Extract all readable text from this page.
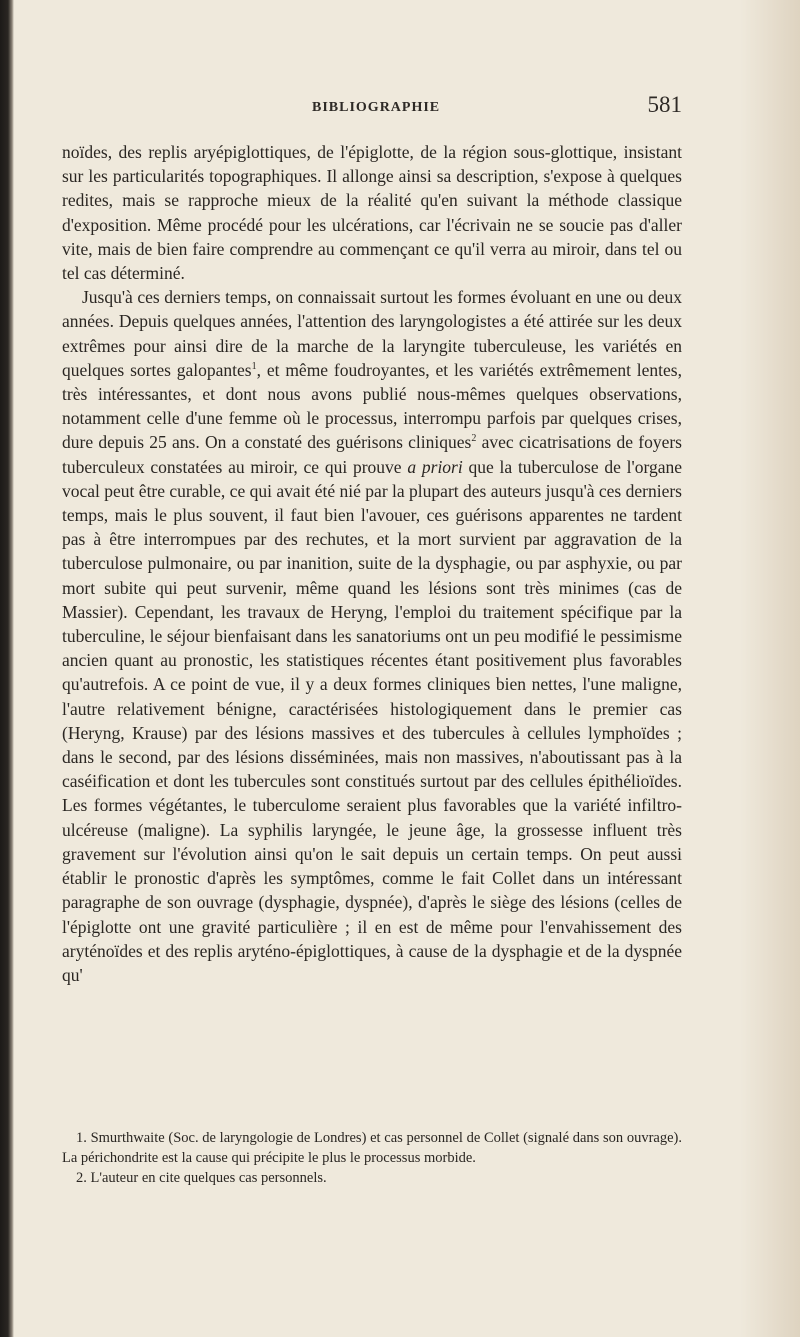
BIBLIOGRAPHIE	581

noïdes, des replis aryépiglottiques, de l'épiglotte, de la région sous-glottique, insistant sur les particularités topographiques. Il allonge ainsi sa description, s'expose à quelques redites, mais se rapproche mieux de la réalité qu'en suivant la méthode classique d'exposition. Même procédé pour les ulcérations, car l'écrivain ne se soucie pas d'aller vite, mais de bien faire comprendre au commençant ce qu'il verra au miroir, dans tel ou tel cas déterminé.

Jusqu'à ces derniers temps, on connaissait surtout les formes évoluant en une ou deux années. Depuis quelques années, l'attention des laryngologistes a été attirée sur les deux extrêmes pour ainsi dire de la marche de la laryngite tuberculeuse, les variétés en quelques sortes galopantes$^1$, et même foudroyantes, et les variétés extrêmement lentes, très intéressantes, et dont nous avons publié nous-mêmes quelques observations, notamment celle d'une femme où le processus, interrompu parfois par quelques crises, dure depuis 25 ans. On a constaté des guérisons cliniques$^2$ avec cicatrisations de foyers tuberculeux constatées au miroir, ce qui prouve a priori que la tuberculose de l'organe vocal peut être curable, ce qui avait été nié par la plupart des auteurs jusqu'à ces derniers temps, mais le plus souvent, il faut bien l'avouer, ces guérisons apparentes ne tardent pas à être interrompues par des rechutes, et la mort survient par aggravation de la tuberculose pulmonaire, ou par inanition, suite de la dysphagie, ou par asphyxie, ou par mort subite qui peut survenir, même quand les lésions sont très minimes (cas de Massier). Cependant, les travaux de Heryng, l'emploi du traitement spécifique par la tuberculine, le séjour bienfaisant dans les sanatoriums ont un peu modifié le pessimisme ancien quant au pronostic, les statistiques récentes étant positivement plus favorables qu'autrefois. A ce point de vue, il y a deux formes cliniques bien nettes, l'une maligne, l'autre relativement bénigne, caractérisées histologiquement dans le premier cas (Heryng, Krause) par des lésions massives et des tubercules à cellules lymphoïdes ; dans le second, par des lésions disséminées, mais non massives, n'aboutissant pas à la caséification et dont les tubercules sont constitués surtout par des cellules épithélioïdes. Les formes végétantes, le tuberculome seraient plus favorables que la variété infiltro-ulcéreuse (maligne). La syphilis laryngée, le jeune âge, la grossesse influent très gravement sur l'évolution ainsi qu'on le sait depuis un certain temps. On peut aussi établir le pronostic d'après les symptômes, comme le fait Collet dans un intéressant paragraphe de son ouvrage (dysphagie, dyspnée), d'après le siège des lésions (celles de l'épiglotte ont une gravité particulière ; il en est de même pour l'envahissement des aryténoïdes et des replis aryténo-épiglottiques, à cause de la dysphagie et de la dyspnée qu'

1. Smurthwaite (Soc. de laryngologie de Londres) et cas personnel de Collet (signalé dans son ouvrage). La périchondrite est la cause qui précipite le plus le processus morbide.

2. L'auteur en cite quelques cas personnels.
